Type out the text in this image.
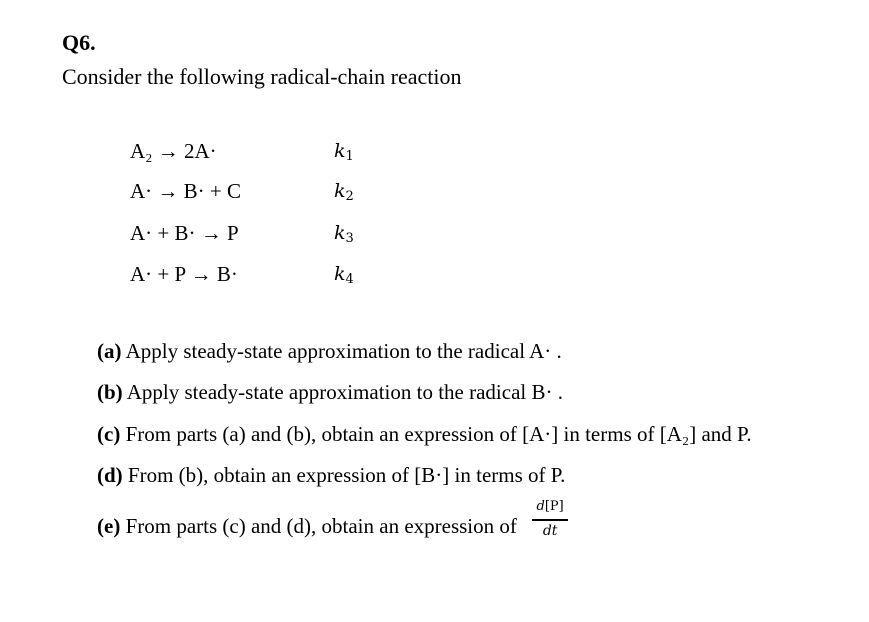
Q6.
Consider the following radical-chain reaction
A₂ → 2A·	$k_1$
A· → B· + C	$k_2$
A· + B· → P	$k_3$
A· + P → B·	$k_4$
(a) Apply steady-state approximation to the radical A· .
(b) Apply steady-state approximation to the radical B· .
(c) From parts (a) and (b), obtain an expression of [A·] in terms of [A₂] and P.
(d) From (b), obtain an expression of [B·] in terms of P.
(e) From parts (c) and (d), obtain an expression of $\frac{d[P]}{dt}$
